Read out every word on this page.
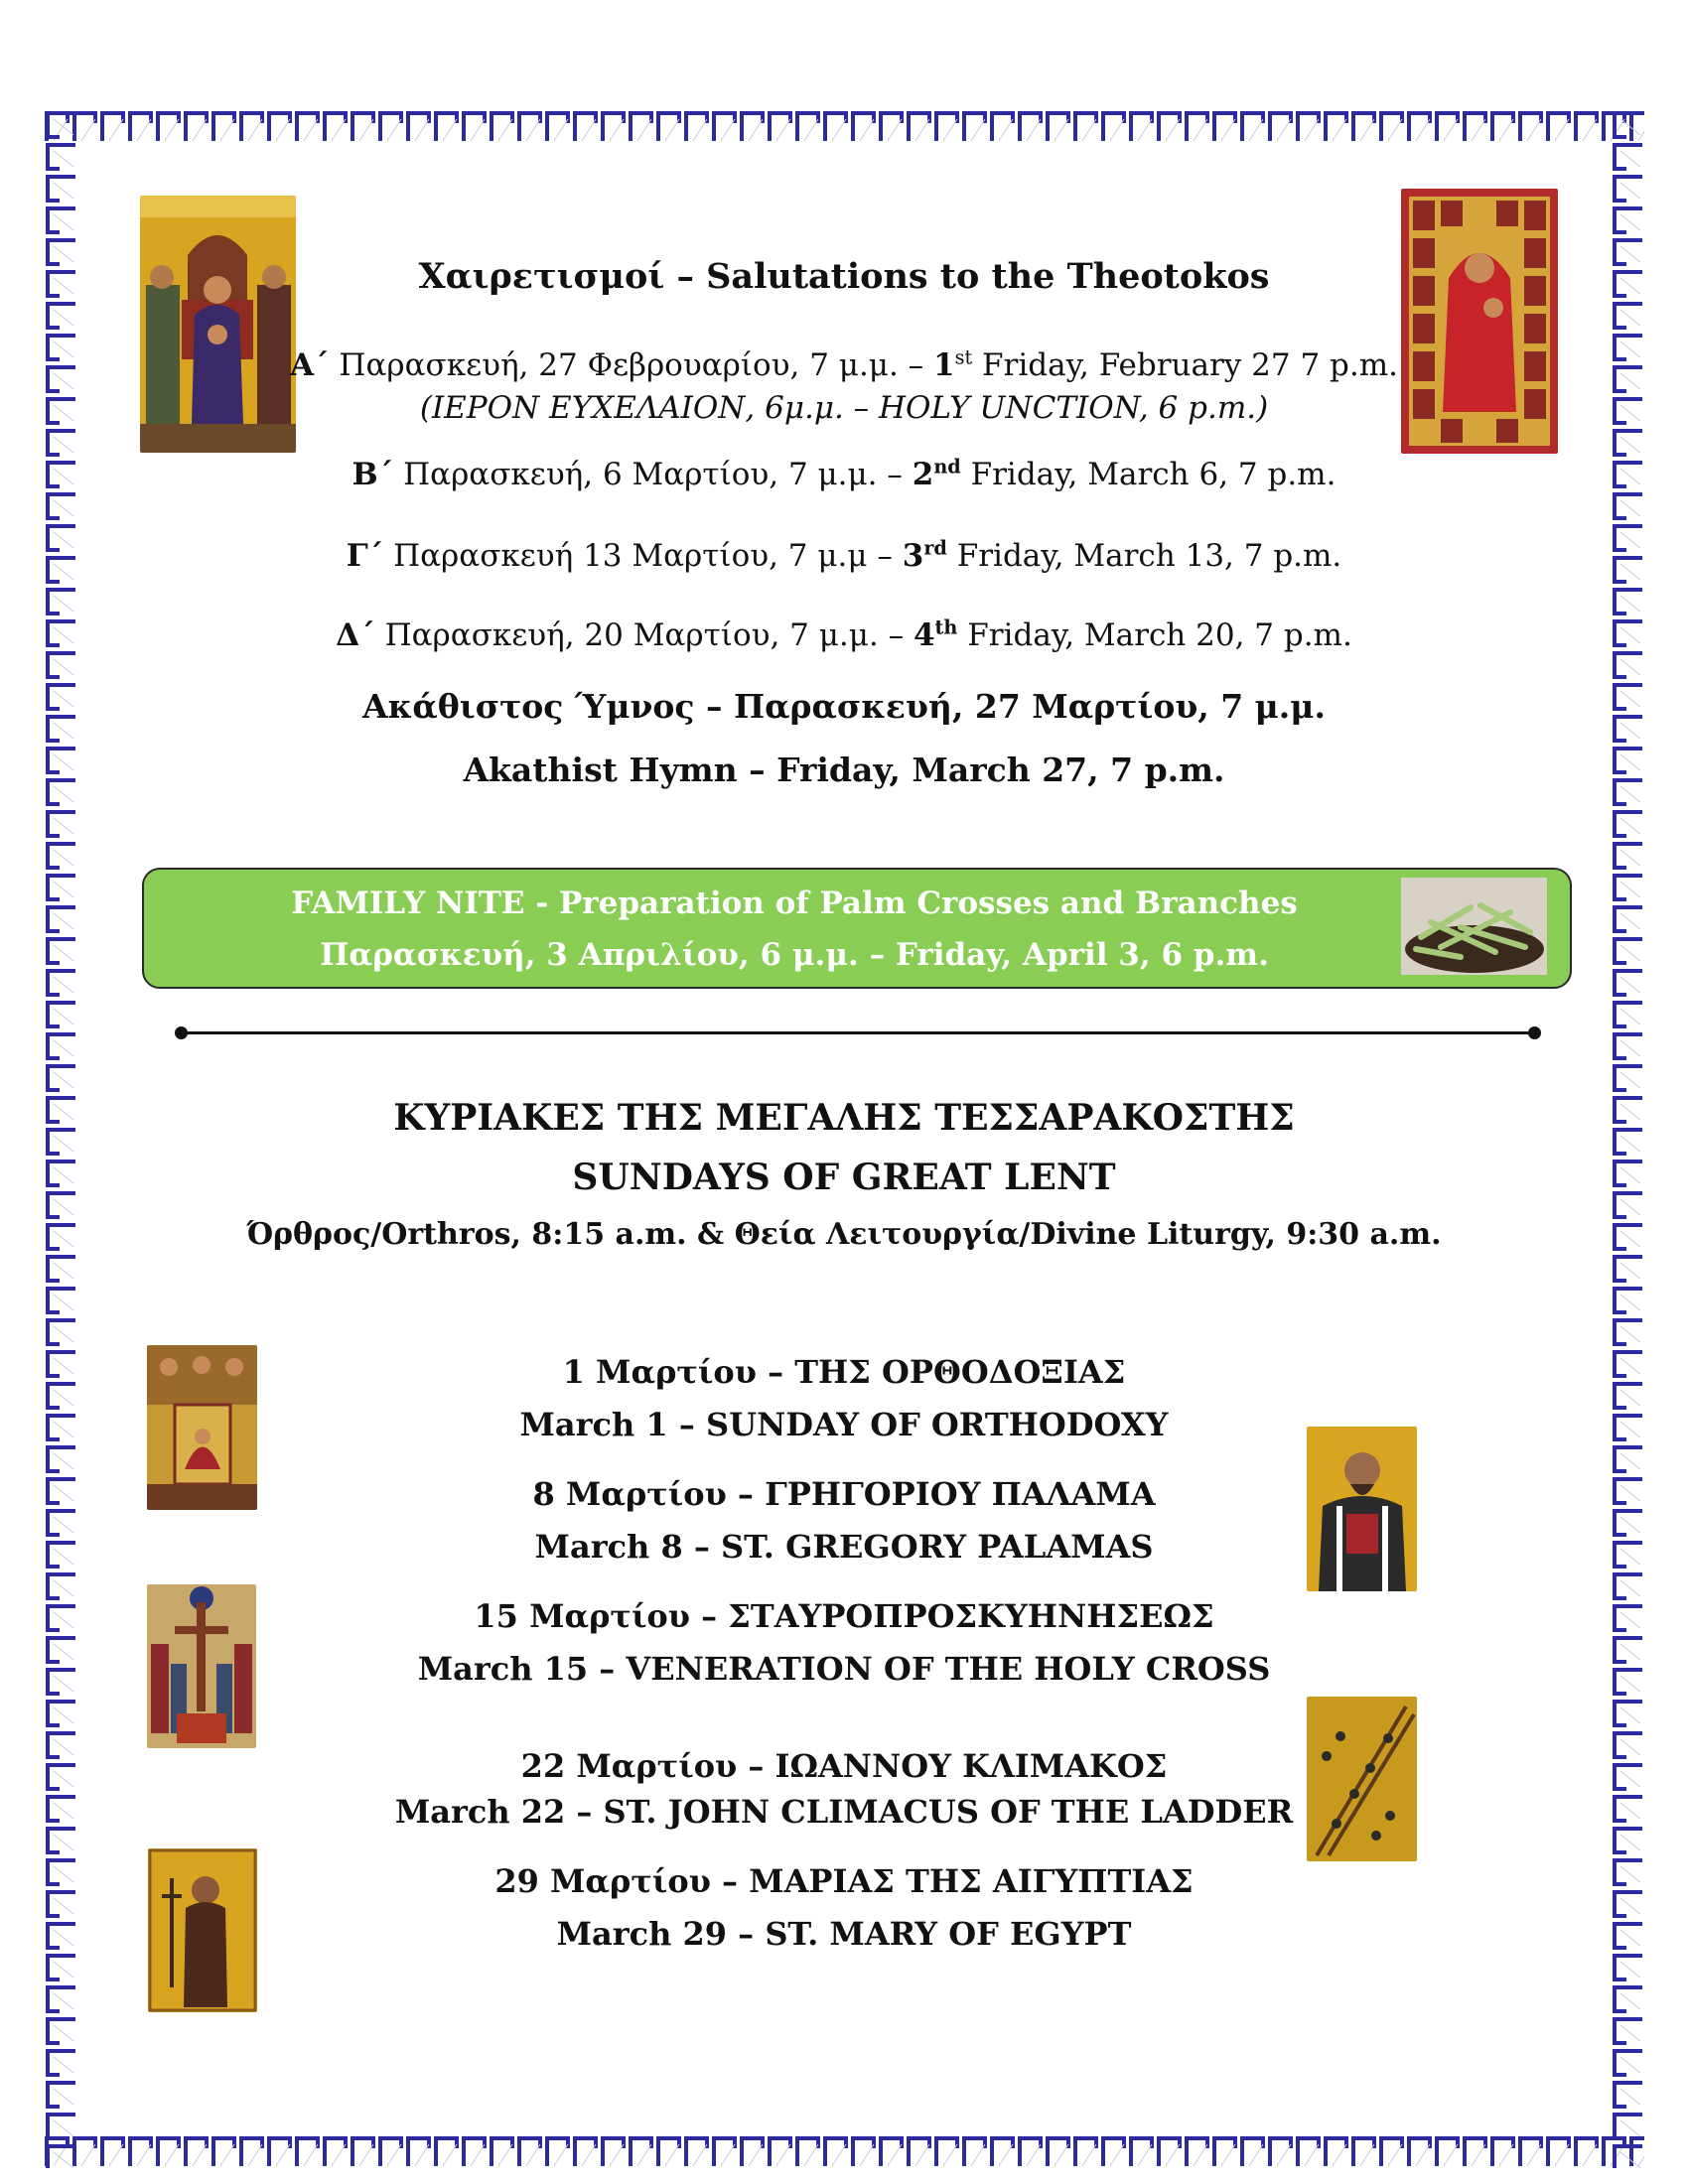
Χαιρετισμοί – Salutations to the Theotokos
Α΄ Παρασκευή, 27 Φεβρουαρίου, 7 μ.μ. – 1st Friday, February 27 7 p.m.
(ΙΕΡΟΝ ΕΥΧΕΛΑΙΟΝ, 6μ.μ. – HOLY UNCTION, 6 p.m.)
Β΄ Παρασκευή, 6 Μαρτίου, 7 μ.μ. – 2nd Friday, March 6, 7 p.m.
Γ΄ Παρασκευή 13 Μαρτίου, 7 μ.μ – 3rd Friday, March 13, 7 p.m.
Δ΄ Παρασκευή, 20 Μαρτίου, 7 μ.μ. – 4th Friday, March 20, 7 p.m.
Ακάθιστος Ύμνος – Παρασκευή, 27 Μαρτίου, 7 μ.μ.
Akathist Hymn – Friday, March 27, 7 p.m.
FAMILY NITE - Preparation of Palm Crosses and Branches
Παρασκευή, 3 Απριλίου, 6 μ.μ. – Friday, April 3, 6 p.m.
ΚΥΡΙΑΚΕΣ ΤΗΣ ΜΕΓΑΛΗΣ ΤΕΣΣΑΡΑΚΟΣΤΗΣ
SUNDAYS OF GREAT LENT
Όρθρος/Orthros, 8:15 a.m. & Θεία Λειτουργία/Divine Liturgy, 9:30 a.m.
1 Μαρτίου – ΤΗΣ ΟΡΘΟΔΟΞΙΑΣ
March 1 – SUNDAY OF ORTHODOXY
8 Μαρτίου – ΓΡΗΓΟΡΙΟΥ ΠΑΛΑΜΑ
March 8 – ST. GREGORY PALAMAS
15 Μαρτίου – ΣΤΑΥΡΟΠΡΟΣΚΥΗΝΗΣΕΩΣ
March 15 – VENERATION OF THE HOLY CROSS
22 Μαρτίου – ΙΩΑΝΝΟΥ ΚΛΙΜΑΚΟΣ
March 22 – ST. JOHN CLIMACUS OF THE LADDER
29 Μαρτίου – ΜΑΡΙΑΣ ΤΗΣ ΑΙΓΥΠΤΙΑΣ
March 29 – ST. MARY OF EGYPT
